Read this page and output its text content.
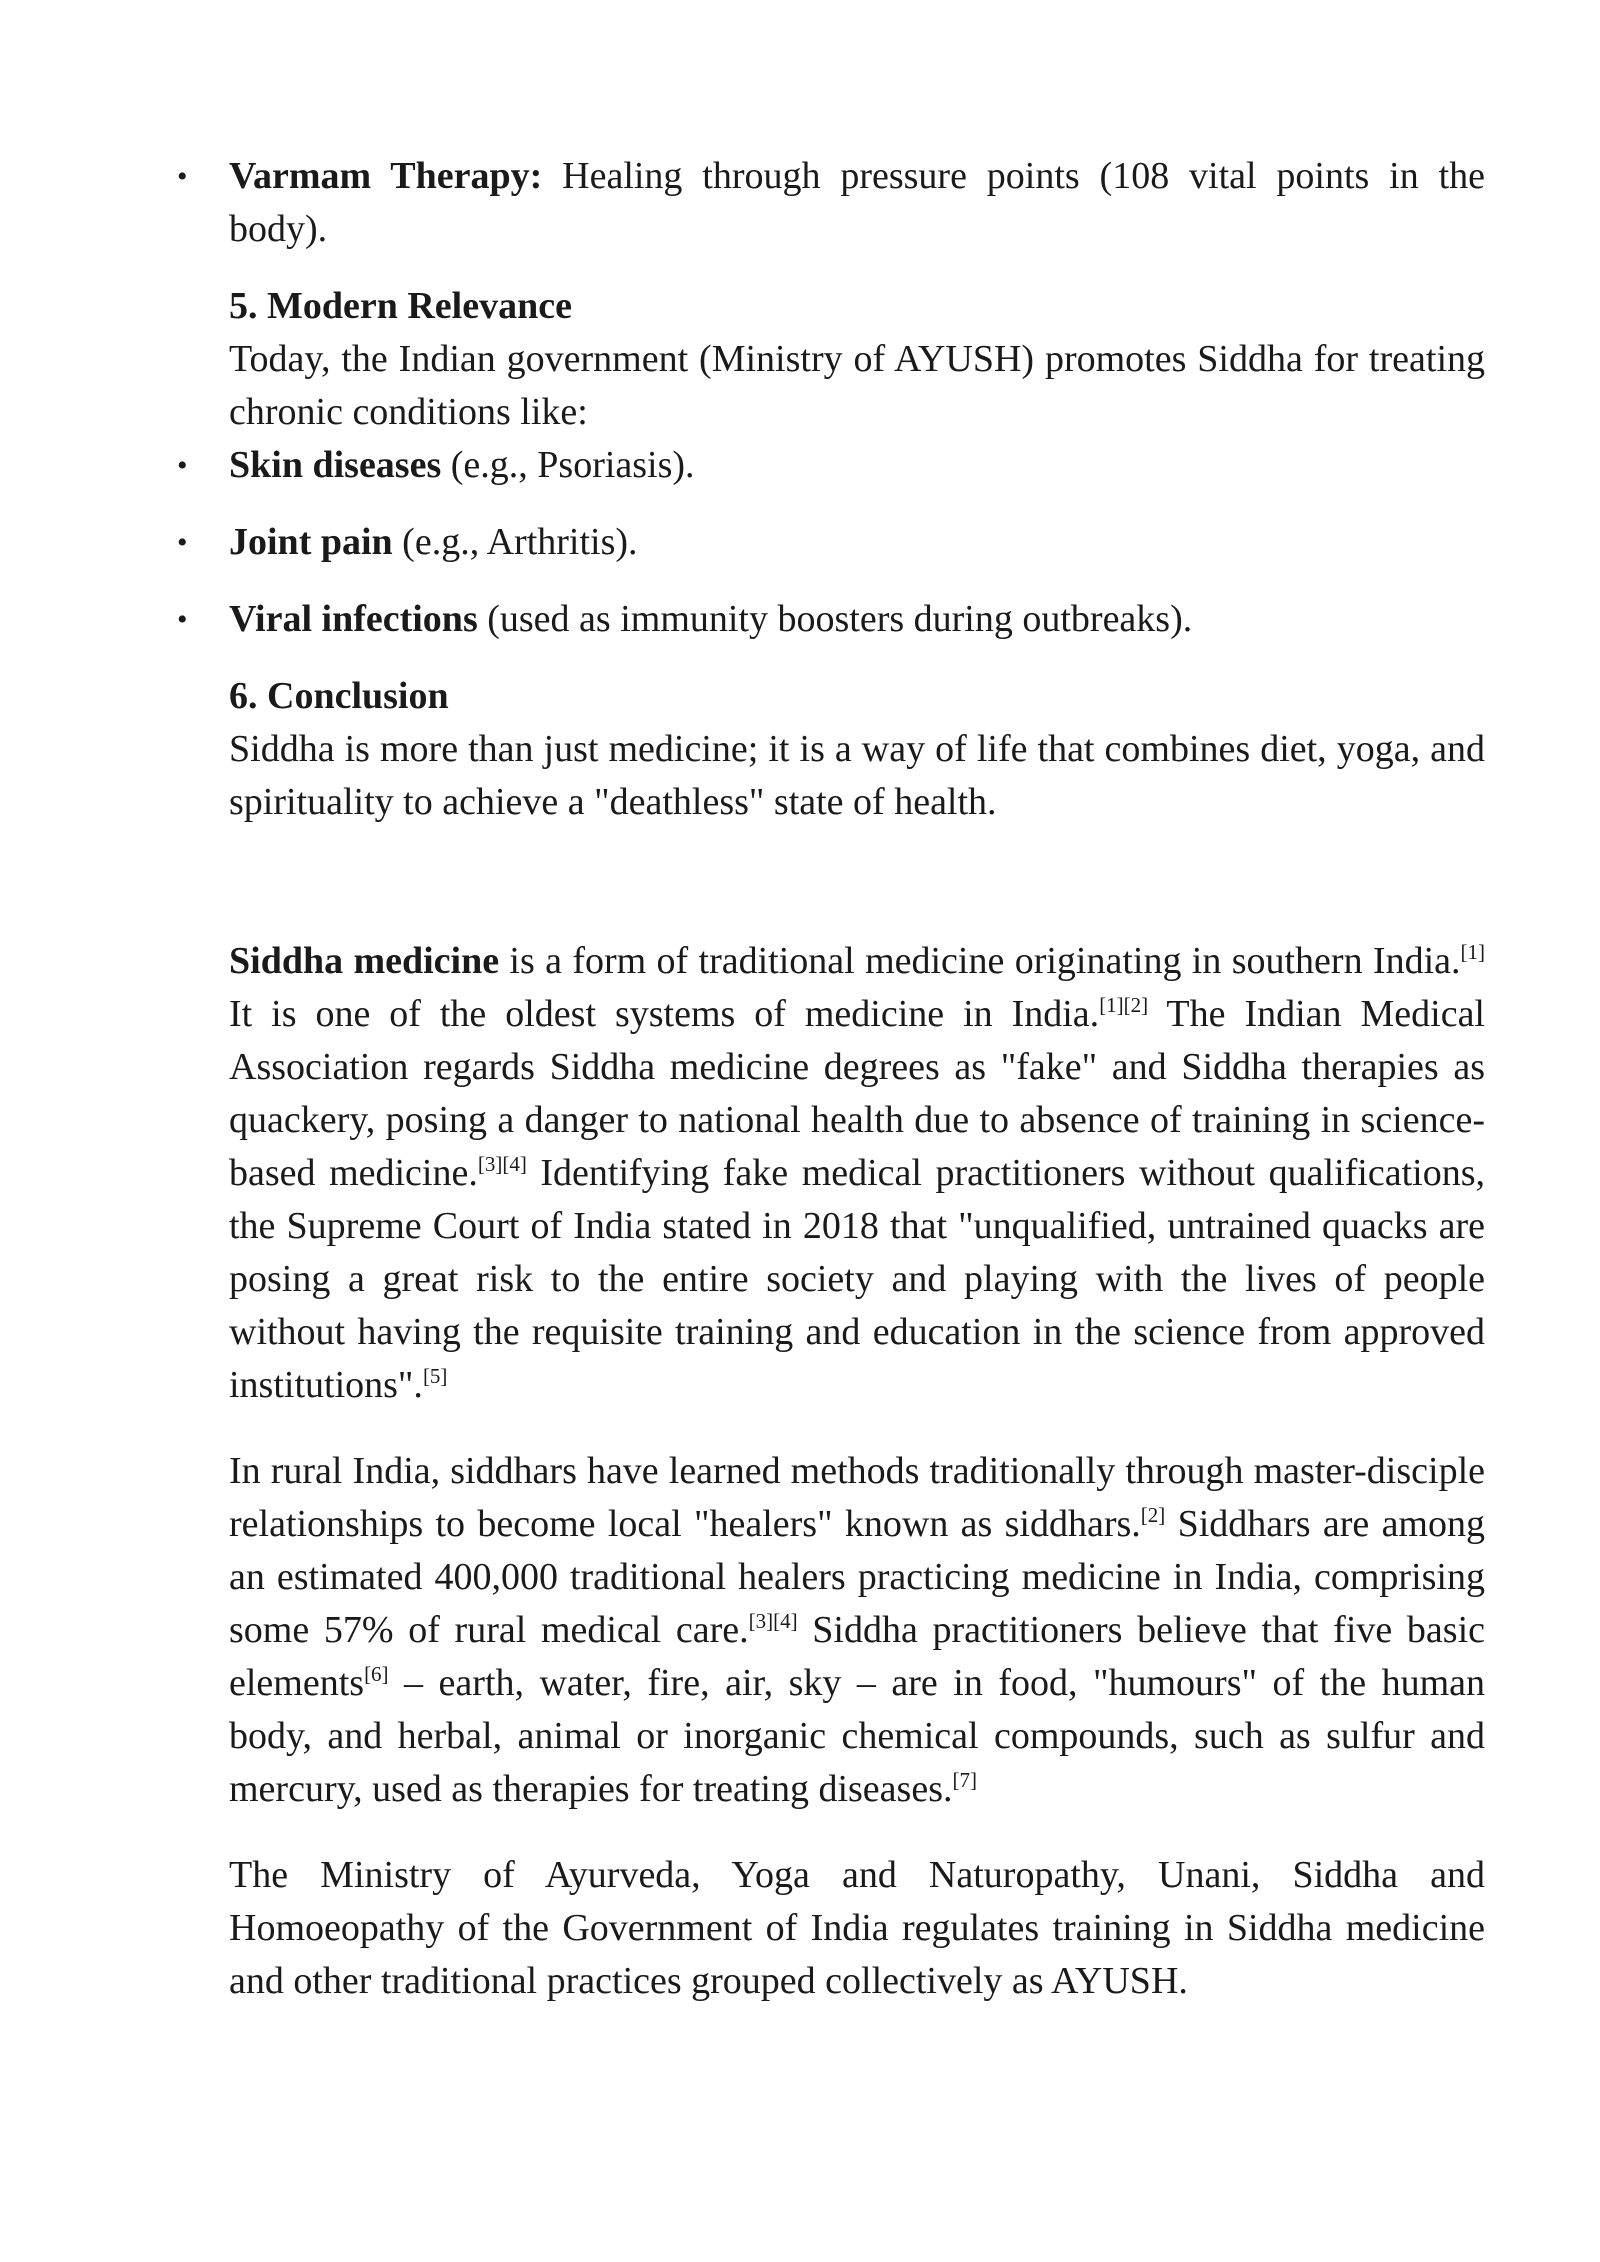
• Varmam Therapy: Healing through pressure points (108 vital points in the body).

5. Modern Relevance

Today, the Indian government (Ministry of AYUSH) promotes Siddha for treating chronic conditions like:

• Skin diseases (e.g., Psoriasis).
• Joint pain (e.g., Arthritis).
• Viral infections (used as immunity boosters during outbreaks).

6. Conclusion

Siddha is more than just medicine; it is a way of life that combines diet, yoga, and spirituality to achieve a "deathless" state of health.

Siddha medicine is a form of traditional medicine originating in southern India.[1] It is one of the oldest systems of medicine in India.[1][2] The Indian Medical Association regards Siddha medicine degrees as "fake" and Siddha therapies as quackery, posing a danger to national health due to absence of training in science-based medicine.[3][4] Identifying fake medical practitioners without qualifications, the Supreme Court of India stated in 2018 that "unqualified, untrained quacks are posing a great risk to the entire society and playing with the lives of people without having the requisite training and education in the science from approved institutions".[5]

In rural India, siddhars have learned methods traditionally through master-disciple relationships to become local "healers" known as siddhars.[2] Siddhars are among an estimated 400,000 traditional healers practicing medicine in India, comprising some 57% of rural medical care.[3][4] Siddha practitioners believe that five basic elements[6] – earth, water, fire, air, sky – are in food, "humours" of the human body, and herbal, animal or inorganic chemical compounds, such as sulfur and mercury, used as therapies for treating diseases.[7]

The Ministry of Ayurveda, Yoga and Naturopathy, Unani, Siddha and Homoeopathy of the Government of India regulates training in Siddha medicine and other traditional practices grouped collectively as AYUSH.
